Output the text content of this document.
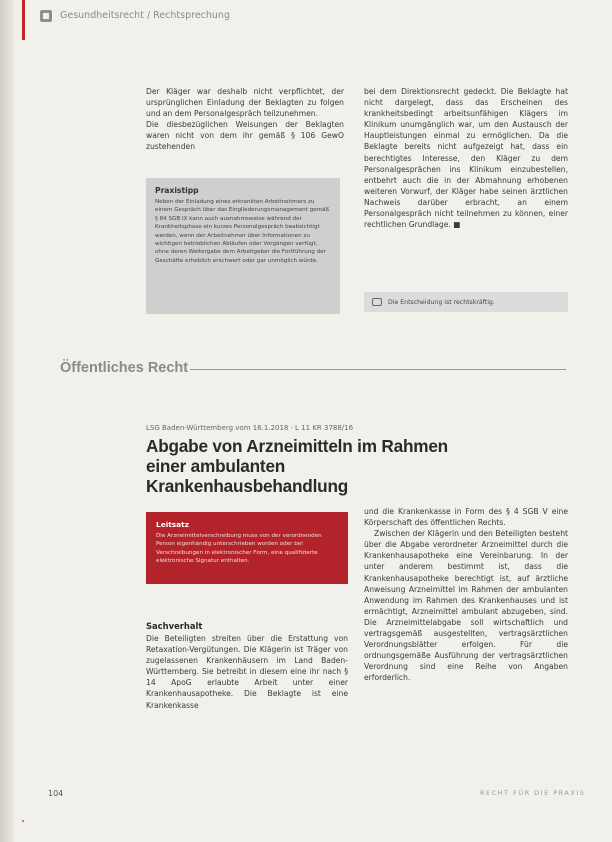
Gesundheitsrecht / Rechtsprechung

Der Kläger war deshalb nicht verpflichtet, der ursprünglichen Einladung der Beklagten zu folgen und an dem Personalgespräch teilzunehmen.

Die diesbezüglichen Weisungen der Beklagten waren nicht von dem ihr gemäß § 106 GewO zustehenden

Praxistipp
Neben der Einladung eines erkrankten Arbeitnehmers zu einem Gespräch über das Eingliederungsmanagement gemäß § 84 SGB IX kann auch ausnahmsweise während der Krankheitsphase ein kurzes Personalgespräch beabsichtigt werden, wenn der Arbeitnehmer über Informationen zu wichtigen betrieblichen Abläufen oder Vorgängen verfügt, ohne deren Weitergabe dem Arbeitgeber die Fortführung der Geschäfte erheblich erschwert oder gar unmöglich würde.

bei dem Direktionsrecht gedeckt. Die Beklagte hat nicht dargelegt, dass das Erscheinen des krankheitsbedingt arbeitsunfähigen Klägers im Klinikum unumgänglich war, um den Austausch der Hauptleistungen einmal zu ermöglichen. Da die Beklagte bereits nicht aufgezeigt hat, dass ein berechtigtes Interesse, den Kläger zu dem Personalgesprächen ins Klinikum einzubestellen, entbehrt auch die in der Abmahnung erhobenen weiteren Vorwurf, der Kläger habe seinen ärztlichen Nachweis darüber erbracht, an einem Personalgespräch nicht teilnehmen zu können, einer rechtlichen Grundlage. ■

Die Entscheidung ist rechtskräftig.
Öffentliches Recht
LSG Baden-Württemberg vom 16.1.2018 · L 11 KR 3788/16
Abgabe von Arzneimitteln im Rahmen einer ambulanten Krankenhausbehandlung
Leitsatz
Die Arzneimittelverschreibung muss von der verordnenden Person eigenhändig unterschrieben worden oder bei Verschreibungen in elektronischer Form, eine qualifizierte elektronische Signatur enthalten.
Sachverhalt

Die Beteiligten streiten über die Erstattung von Retaxation-Vergütungen. Die Klägerin ist Träger von zugelassenen Krankenhäusern im Land Baden-Württemberg. Sie betreibt in diesem eine ihr nach § 14 ApoG erlaubte Arbeit unter einer Krankenhausapotheke. Die Beklagte ist eine Krankenkasse

und die Krankenkasse in Form des § 4 SGB V eine Körperschaft des öffentlichen Rechts.

Zwischen der Klägerin und den Beteiligten besteht über die Abgabe verordneter Arzneimittel durch die Krankenhausapotheke eine Vereinbarung. In der unter anderem bestimmt ist, dass die Krankenhausapotheke berechtigt ist, auf ärztliche Anweisung Arzneimittel im Rahmen der ambulanten Anwendung im Rahmen des Krankenhauses und ist ermächtigt, Arzneimittel ambulant abzugeben, sind. Die Arzneimittelabgabe soll wirtschaftlich und vertragsgemäß ausgestellten, vertragsärztlichen Verordnungsblätter erfolgen. Für die ordnungsgemäße Ausführung der vertragsärztlichen Verordnung sind eine Reihe von Angaben erforderlich.

104	RECHT FÜR DIE PRAXIS
